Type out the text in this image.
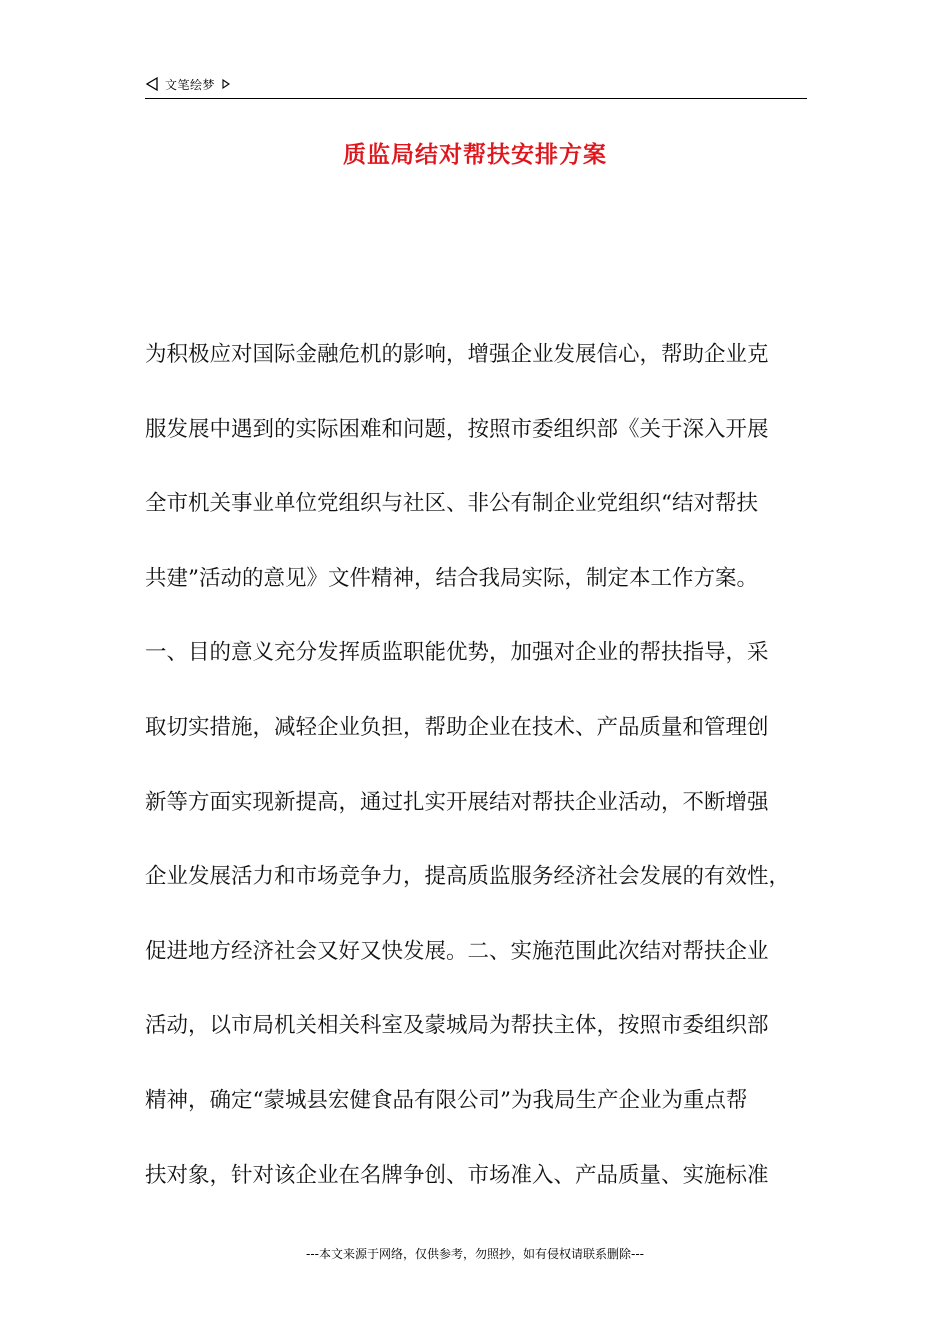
文笔绘梦
质监局结对帮扶安排方案
为积极应对国际金融危机的影响，增强企业发展信心，帮助企业克
服发展中遇到的实际困难和问题，按照市委组织部《关于深入开展
全市机关事业单位党组织与社区、非公有制企业党组织“结对帮扶
共建”活动的意见》文件精神，结合我局实际，制定本工作方案。
一、目的意义充分发挥质监职能优势，加强对企业的帮扶指导，采
取切实措施，减轻企业负担，帮助企业在技术、产品质量和管理创
新等方面实现新提高，通过扎实开展结对帮扶企业活动，不断增强
企业发展活力和市场竞争力，提高质监服务经济社会发展的有效性，
促进地方经济社会又好又快发展。二、实施范围此次结对帮扶企业
活动，以市局机关相关科室及蒙城局为帮扶主体，按照市委组织部
精神，确定“蒙城县宏健食品有限公司”为我局生产企业为重点帮
扶对象，针对该企业在名牌争创、市场准入、产品质量、实施标准
---本文来源于网络，仅供参考，勿照抄，如有侵权请联系删除---
